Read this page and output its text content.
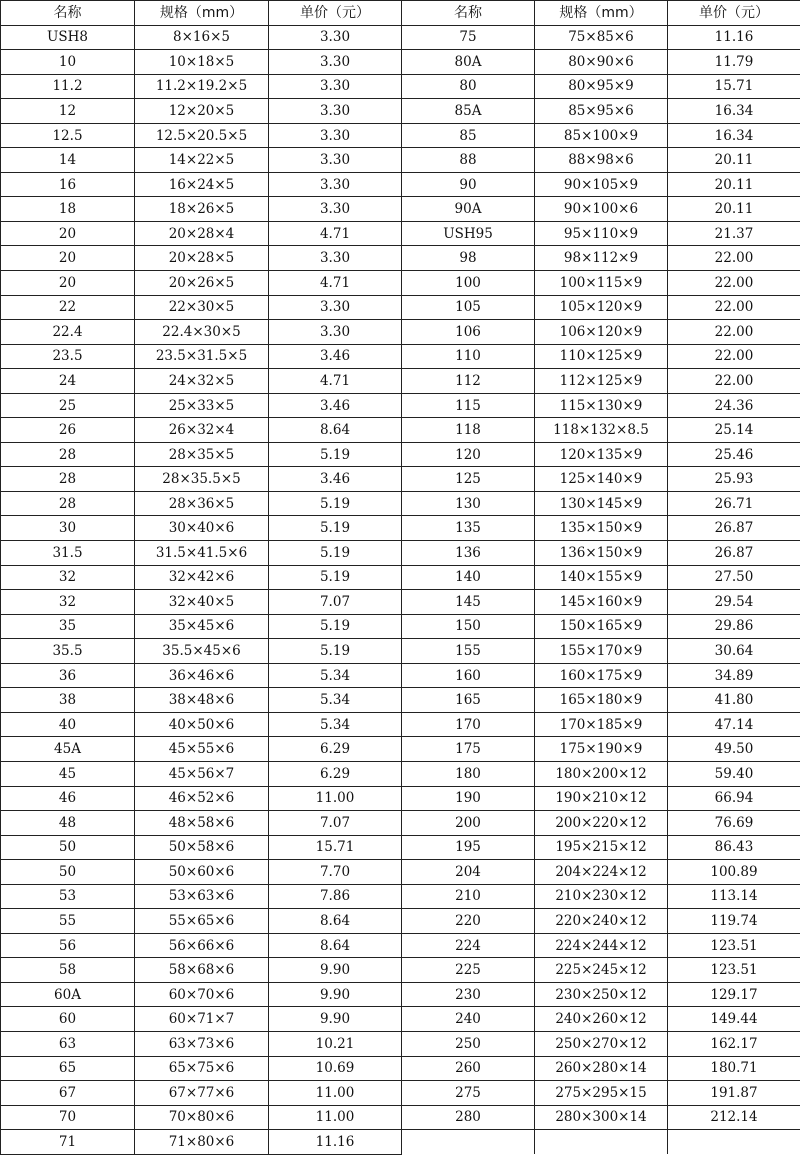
名称	规格（mm）	单价（元）	名称	规格（mm）	单价（元）
USH8	8×16×5	3.30	75	75×85×6	11.16
10	10×18×5	3.30	80A	80×90×6	11.79
11.2	11.2×19.2×5	3.30	80	80×95×9	15.71
12	12×20×5	3.30	85A	85×95×6	16.34
12.5	12.5×20.5×5	3.30	85	85×100×9	16.34
14	14×22×5	3.30	88	88×98×6	20.11
16	16×24×5	3.30	90	90×105×9	20.11
18	18×26×5	3.30	90A	90×100×6	20.11
20	20×28×4	4.71	USH95	95×110×9	21.37
20	20×28×5	3.30	98	98×112×9	22.00
20	20×26×5	4.71	100	100×115×9	22.00
22	22×30×5	3.30	105	105×120×9	22.00
22.4	22.4×30×5	3.30	106	106×120×9	22.00
23.5	23.5×31.5×5	3.46	110	110×125×9	22.00
24	24×32×5	4.71	112	112×125×9	22.00
25	25×33×5	3.46	115	115×130×9	24.36
26	26×32×4	8.64	118	118×132×8.5	25.14
28	28×35×5	5.19	120	120×135×9	25.46
28	28×35.5×5	3.46	125	125×140×9	25.93
28	28×36×5	5.19	130	130×145×9	26.71
30	30×40×6	5.19	135	135×150×9	26.87
31.5	31.5×41.5×6	5.19	136	136×150×9	26.87
32	32×42×6	5.19	140	140×155×9	27.50
32	32×40×5	7.07	145	145×160×9	29.54
35	35×45×6	5.19	150	150×165×9	29.86
35.5	35.5×45×6	5.19	155	155×170×9	30.64
36	36×46×6	5.34	160	160×175×9	34.89
38	38×48×6	5.34	165	165×180×9	41.80
40	40×50×6	5.34	170	170×185×9	47.14
45A	45×55×6	6.29	175	175×190×9	49.50
45	45×56×7	6.29	180	180×200×12	59.40
46	46×52×6	11.00	190	190×210×12	66.94
48	48×58×6	7.07	200	200×220×12	76.69
50	50×58×6	15.71	195	195×215×12	86.43
50	50×60×6	7.70	204	204×224×12	100.89
53	53×63×6	7.86	210	210×230×12	113.14
55	55×65×6	8.64	220	220×240×12	119.74
56	56×66×6	8.64	224	224×244×12	123.51
58	58×68×6	9.90	225	225×245×12	123.51
60A	60×70×6	9.90	230	230×250×12	129.17
60	60×71×7	9.90	240	240×260×12	149.44
63	63×73×6	10.21	250	250×270×12	162.17
65	65×75×6	10.69	260	260×280×14	180.71
67	67×77×6	11.00	275	275×295×15	191.87
70	70×80×6	11.00	280	280×300×14	212.14
71	71×80×6	11.16			
